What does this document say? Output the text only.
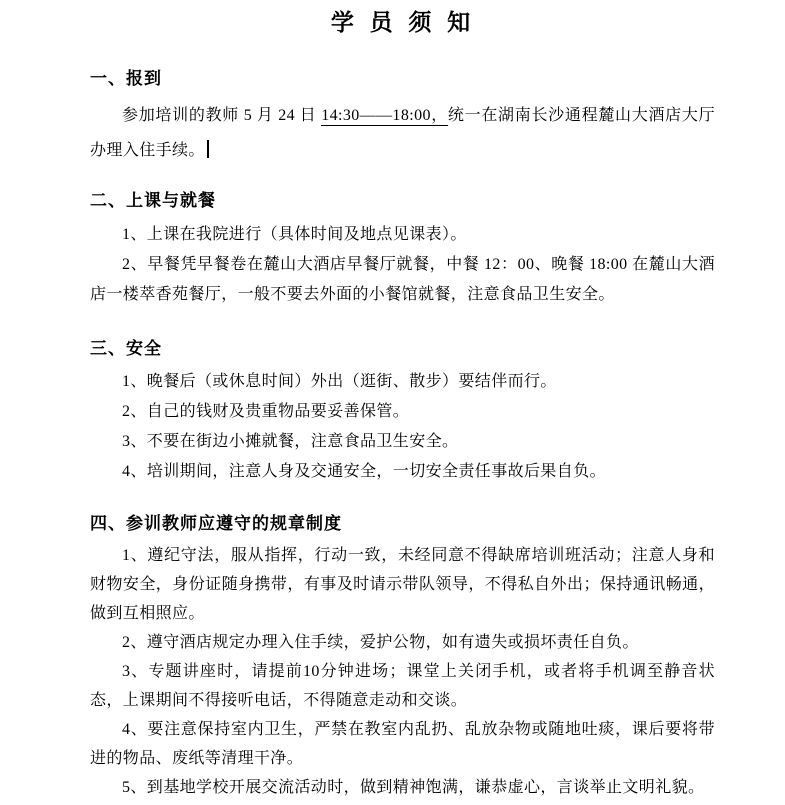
学 员 须 知
一、报到

参加培训的教师 5 月 24 日 14:30——18:00，统一在湖南长沙通程麓山大酒店大厅办理入住手续。

二、上课与就餐

1、上课在我院进行（具体时间及地点见课表）。

2、早餐凭早餐卷在麓山大酒店早餐厅就餐，中餐 12：00、晚餐 18:00 在麓山大酒店一楼萃香苑餐厅，一般不要去外面的小餐馆就餐，注意食品卫生安全。

三、安全

1、晚餐后（或休息时间）外出（逛街、散步）要结伴而行。

2、自己的钱财及贵重物品要妥善保管。

3、不要在街边小摊就餐，注意食品卫生安全。

4、培训期间，注意人身及交通安全，一切安全责任事故后果自负。

四、参训教师应遵守的规章制度

1、遵纪守法，服从指挥，行动一致，未经同意不得缺席培训班活动；注意人身和财物安全，身份证随身携带，有事及时请示带队领导，不得私自外出；保持通讯畅通，做到互相照应。

2、遵守酒店规定办理入住手续，爱护公物，如有遗失或损坏责任自负。

3、专题讲座时，请提前10分钟进场；课堂上关闭手机，或者将手机调至静音状态，上课期间不得接听电话，不得随意走动和交谈。

4、要注意保持室内卫生，严禁在教室内乱扔、乱放杂物或随地吐痰，课后要将带进的物品、废纸等清理干净。

5、到基地学校开展交流活动时，做到精神饱满，谦恭虚心，言谈举止文明礼貌。
